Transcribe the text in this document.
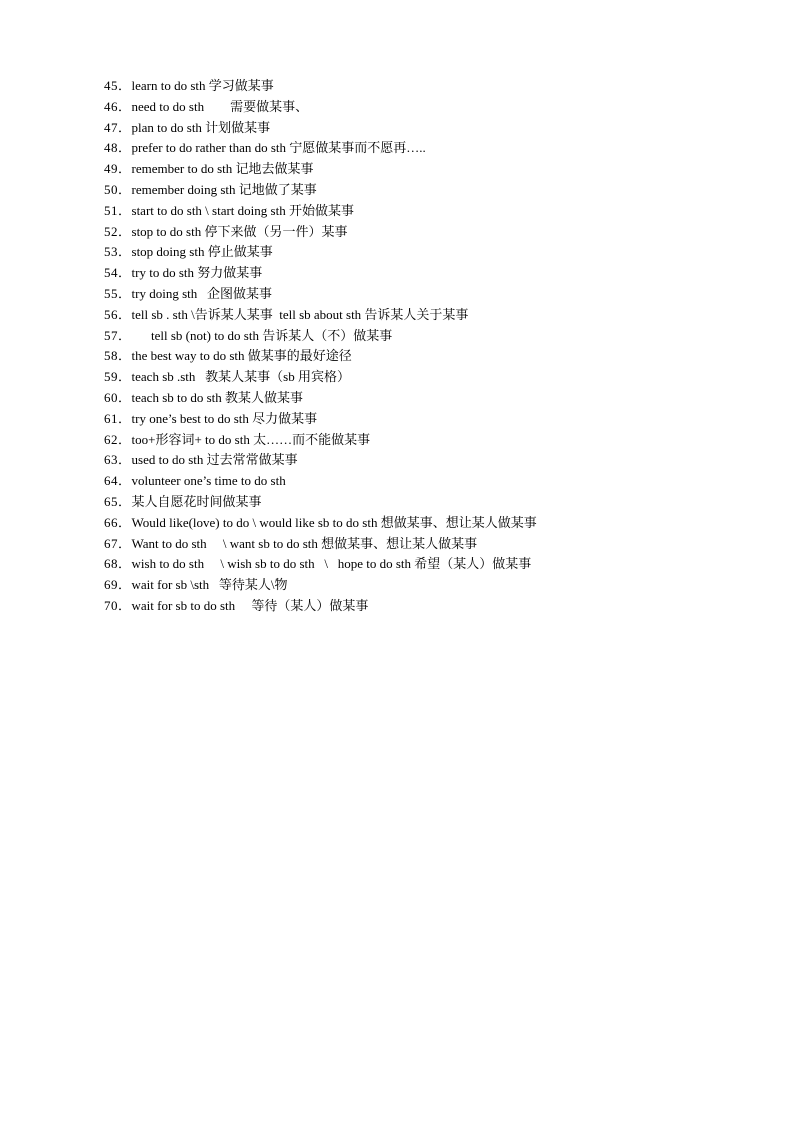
45． learn to do sth 学习做某事
46． need to do sth        需要做某事、
47． plan to do sth 计划做某事
48． prefer to do rather than do sth 宁愿做某事而不愿再…..
49． remember to do sth 记地去做某事
50． remember doing sth 记地做了某事
51． start to do sth \ start doing sth 开始做某事
52． stop to do sth 停下来做（另一件）某事
53． stop doing sth 停止做某事
54． try to do sth 努力做某事
55． try doing sth   企图做某事
56． tell sb . sth \告诉某人某事  tell sb about sth 告诉某人关于某事
57． tell sb (not) to do sth 告诉某人（不）做某事
58． the best way to do sth 做某事的最好途径
59． teach sb .sth   教某人某事（sb 用宾格）
60． teach sb to do sth 教某人做某事
61． try one’s best to do sth 尽力做某事
62． too+形容词+ to do sth 太……而不能做某事
63． used to do sth 过去常常做某事
64． volunteer one’s time to do sth
65． 某人自愿花时间做某事
66． Would like(love) to do \ would like sb to do sth 想做某事、想让某人做某事
67． Want to do sth     \ want sb to do sth 想做某事、想让某人做某事
68． wish to do sth     \ wish sb to do sth   \   hope to do sth 希望（某人）做某事
69． wait for sb \sth   等待某人\物
70． wait for sb to do sth     等待（某人）做某事
